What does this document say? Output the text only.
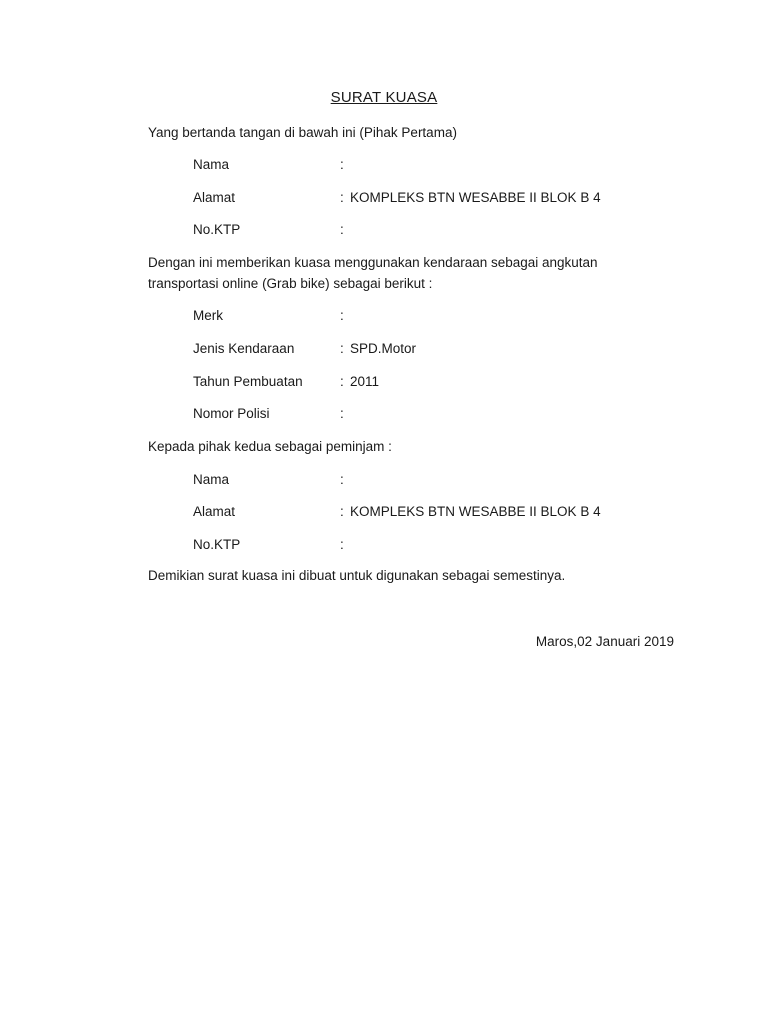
SURAT KUASA
Yang bertanda tangan di bawah ini (Pihak Pertama)
Nama	:
Alamat	: KOMPLEKS BTN WESABBE II BLOK B 4
No.KTP	:
Dengan ini memberikan kuasa menggunakan kendaraan sebagai angkutan
transportasi online (Grab bike) sebagai berikut :
Merk	:
Jenis Kendaraan	: SPD.Motor
Tahun Pembuatan	: 2011
Nomor Polisi	:
Kepada pihak kedua sebagai peminjam :
Nama	:
Alamat	: KOMPLEKS BTN WESABBE II BLOK B 4
No.KTP	:
Demikian surat kuasa ini dibuat untuk digunakan sebagai semestinya.
Maros,02 Januari 2019
